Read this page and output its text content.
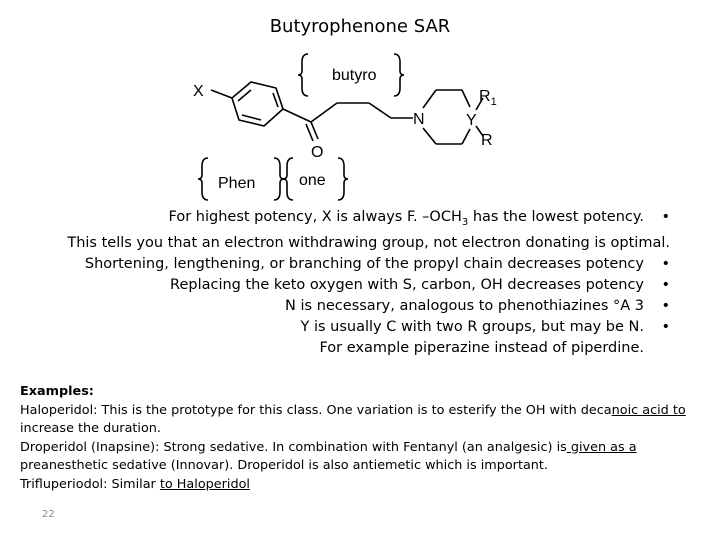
Butyrophenone SAR
X
butyro
$R_1$
N	Y
R
O
Phen	one
For highest potency, X is always F. $-OCH_3$ has the lowest potency. •
This tells you that an electron withdrawing group, not electron donating is optimal.
Shortening, lengthening, or branching of the propyl chain decreases potency •
Replacing the keto oxygen with S, carbon, OH decreases potency •
N is necessary, analogous to phenothiazines °A 3 •
Y is usually C with two R groups, but may be N. •
For example piperazine instead of piperdine.

Examples:

Haloperidol: This is the prototype for this class. One variation is to esterify the OH with decanoic acid to
increase the duration.

Droperidol (Inapsine): Strong sedative. In combination with Fentanyl (an analgesic) is given as a
preanesthetic sedative (Innovar). Droperidol is also antiemetic which is important.

Trifluperiodol: Similar to Haloperidol

22
